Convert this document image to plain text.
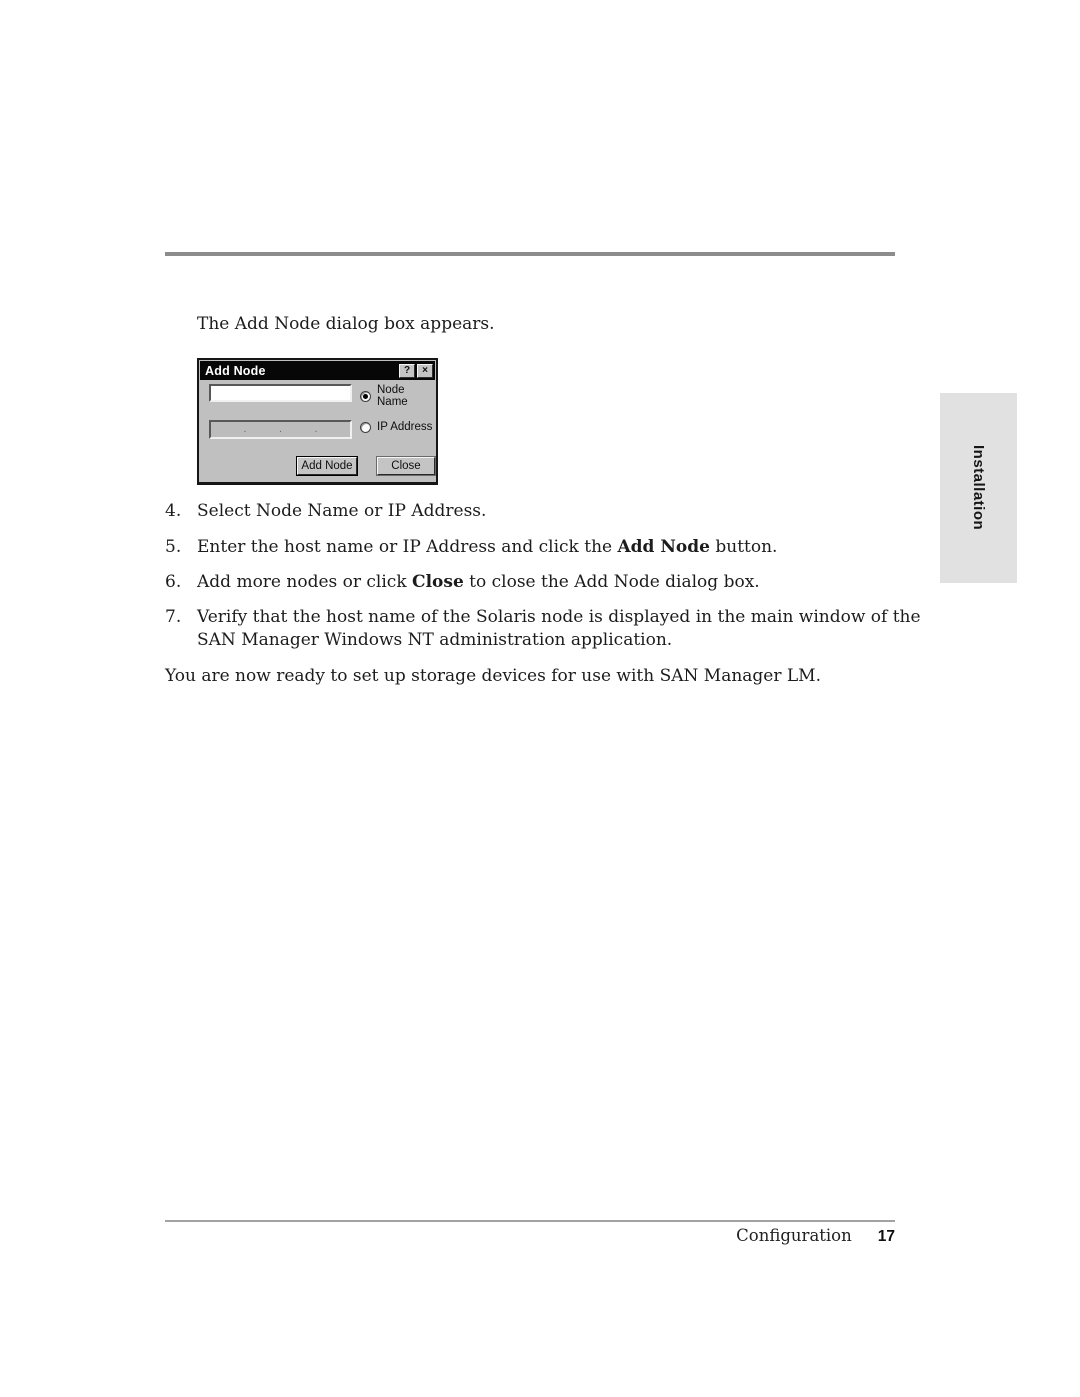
The Add Node dialog box appears.

Add Node	?	×
Node Name
.	.	.	IP Address
Add Node	Close
4. Select Node Name or IP Address.
5. Enter the host name or IP Address and click the Add Node button.
6. Add more nodes or click Close to close the Add Node dialog box.
7. Verify that the host name of the Solaris node is displayed in the main window of the SAN Manager Windows NT administration application.

You are now ready to set up storage devices for use with SAN Manager LM.

Installation
Configuration 17
